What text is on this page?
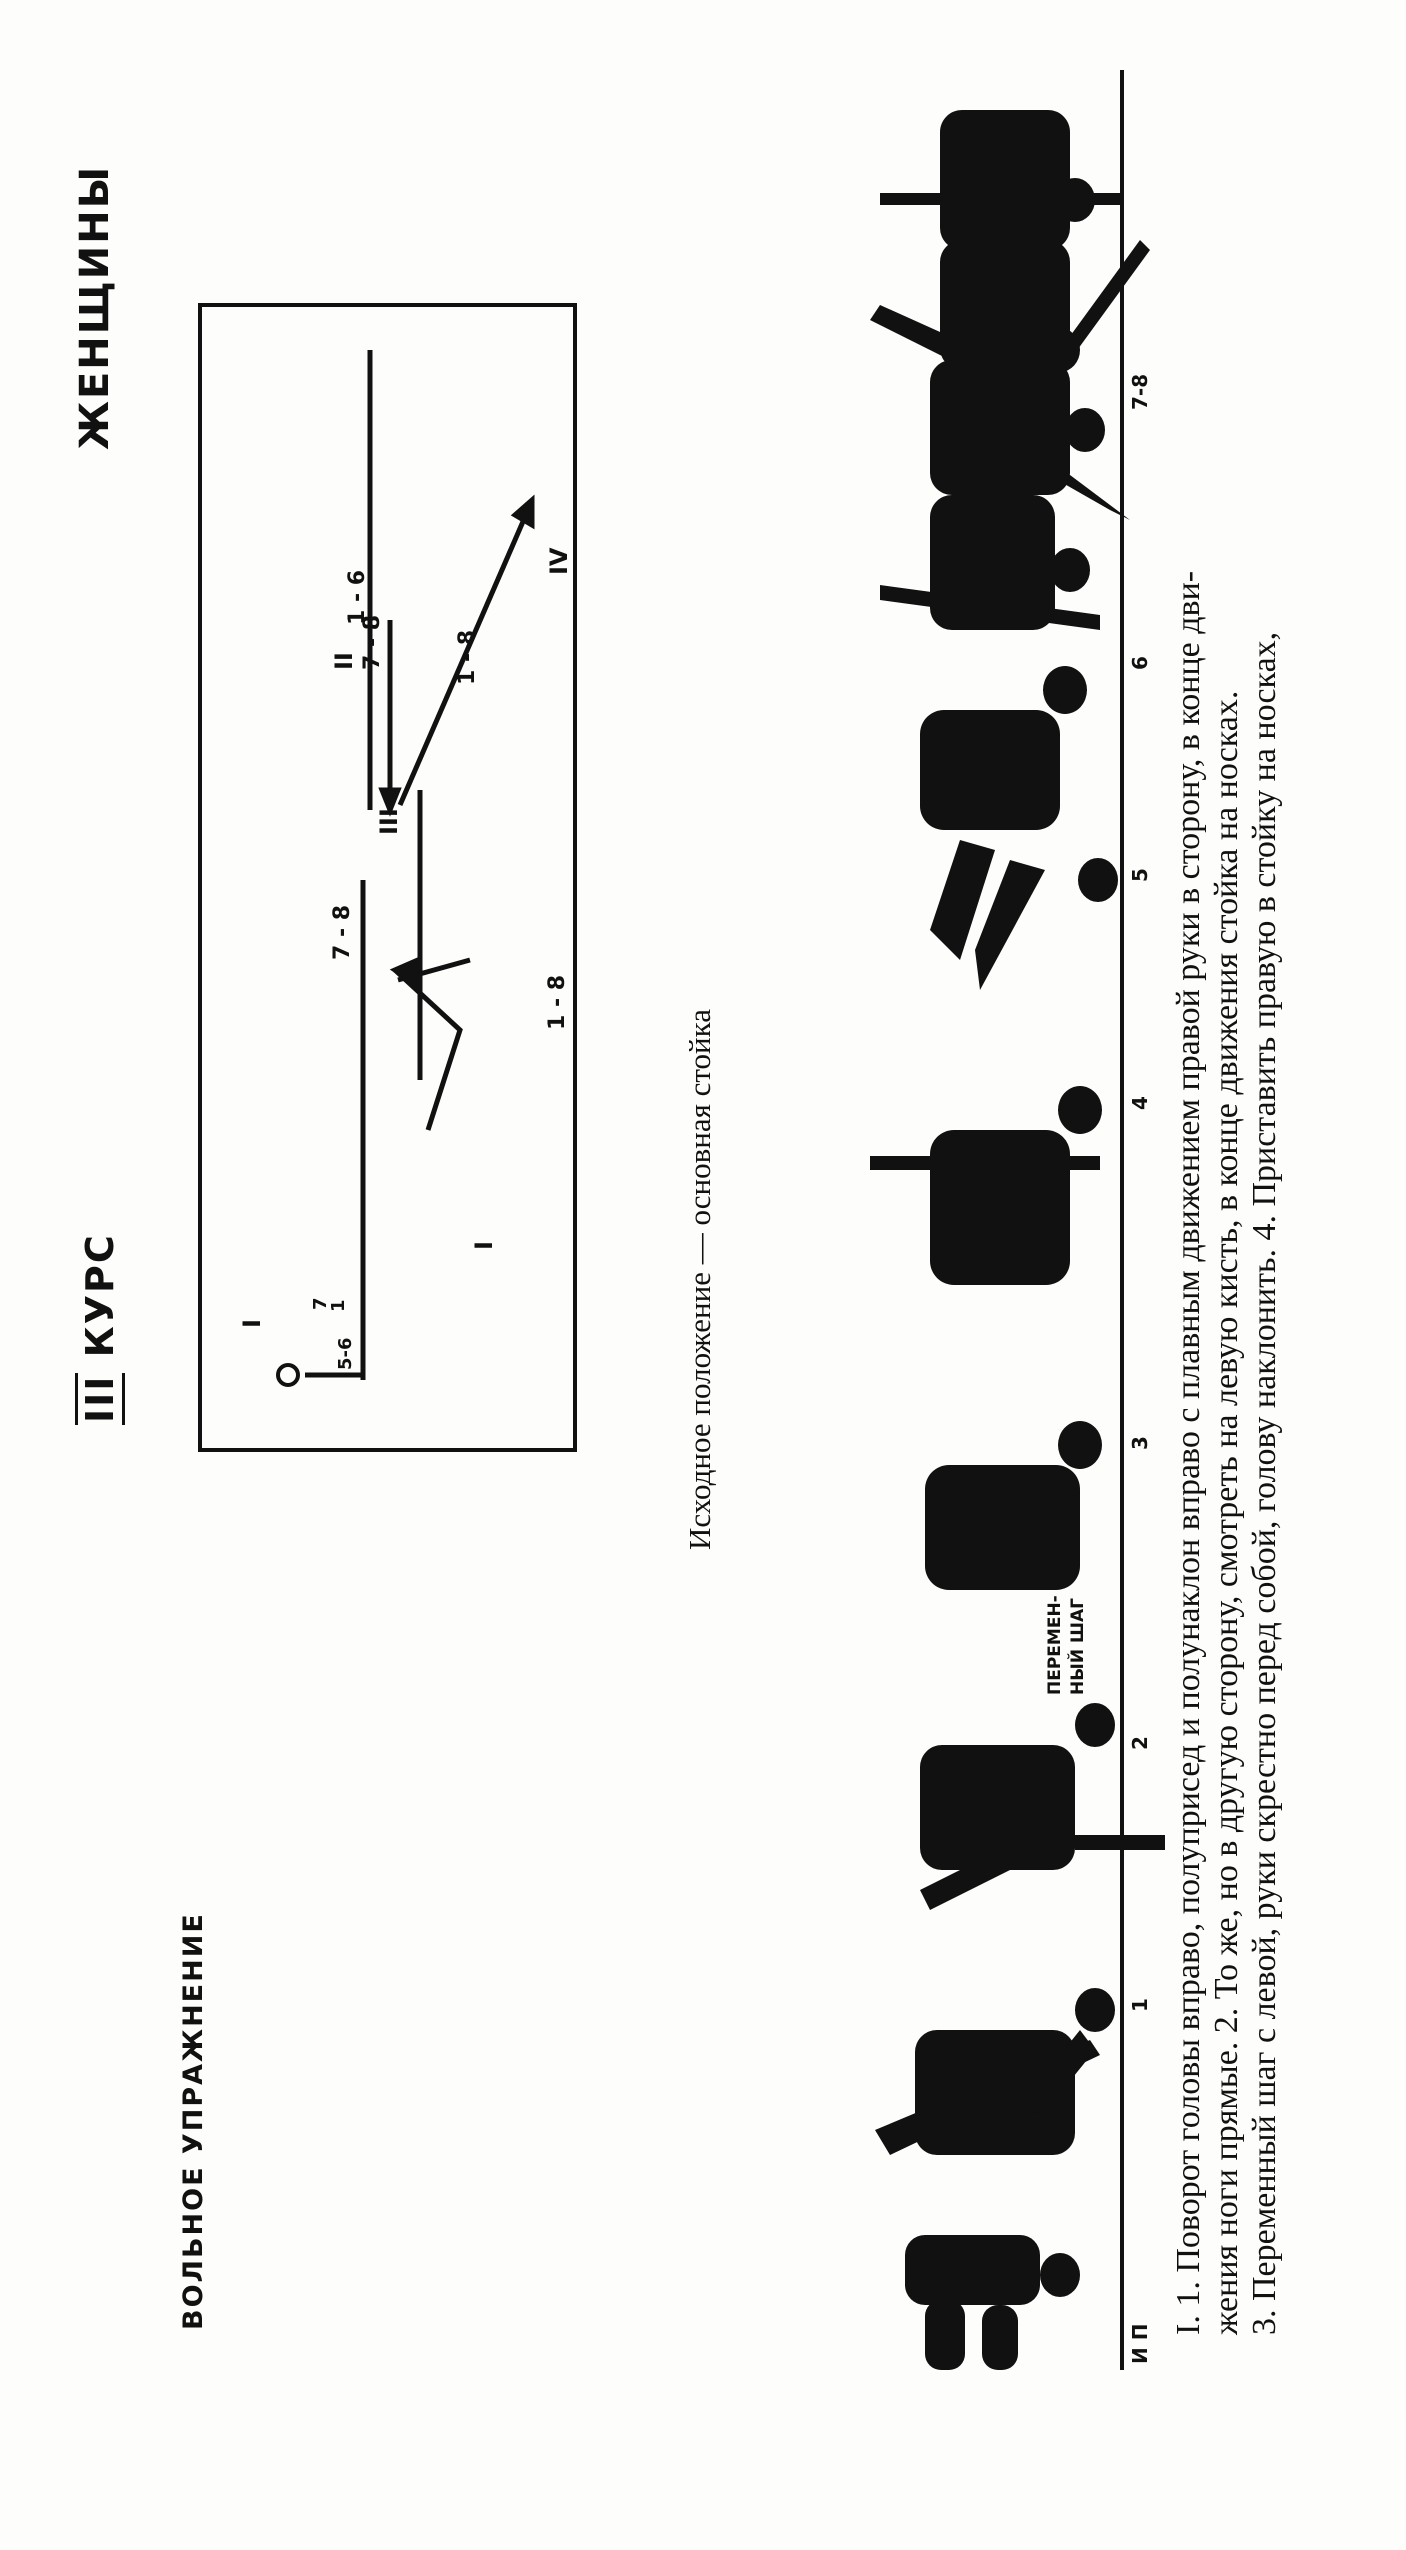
ВОЛЬНОЕ УПРАЖНЕНИЕ
III КУРС
ЖЕНЩИНЫ
И П
1
2
3
4
5
6
7-8
I
ПЕРЕМЕН- НЫЙ ШАГ
I
7
1
5-6
7 - 8
III
7 - 8
II
1 - 6
1 - 8
1 - 8
IV
I	Исходное положение — основная стойка	I. 1. Поворот головы вправо, полуприсед и полунаклон вправо с плавным движением правой руки в сторону, в конце дви- жения ноги прямые. 2. То же, но в другую сторону, смотреть на левую кисть, в конце движения стойка на носках. 3. Переменный шаг с левой, руки скрестно перед собой, голову наклонить. 4. Приставить правую в стойку на носках,
